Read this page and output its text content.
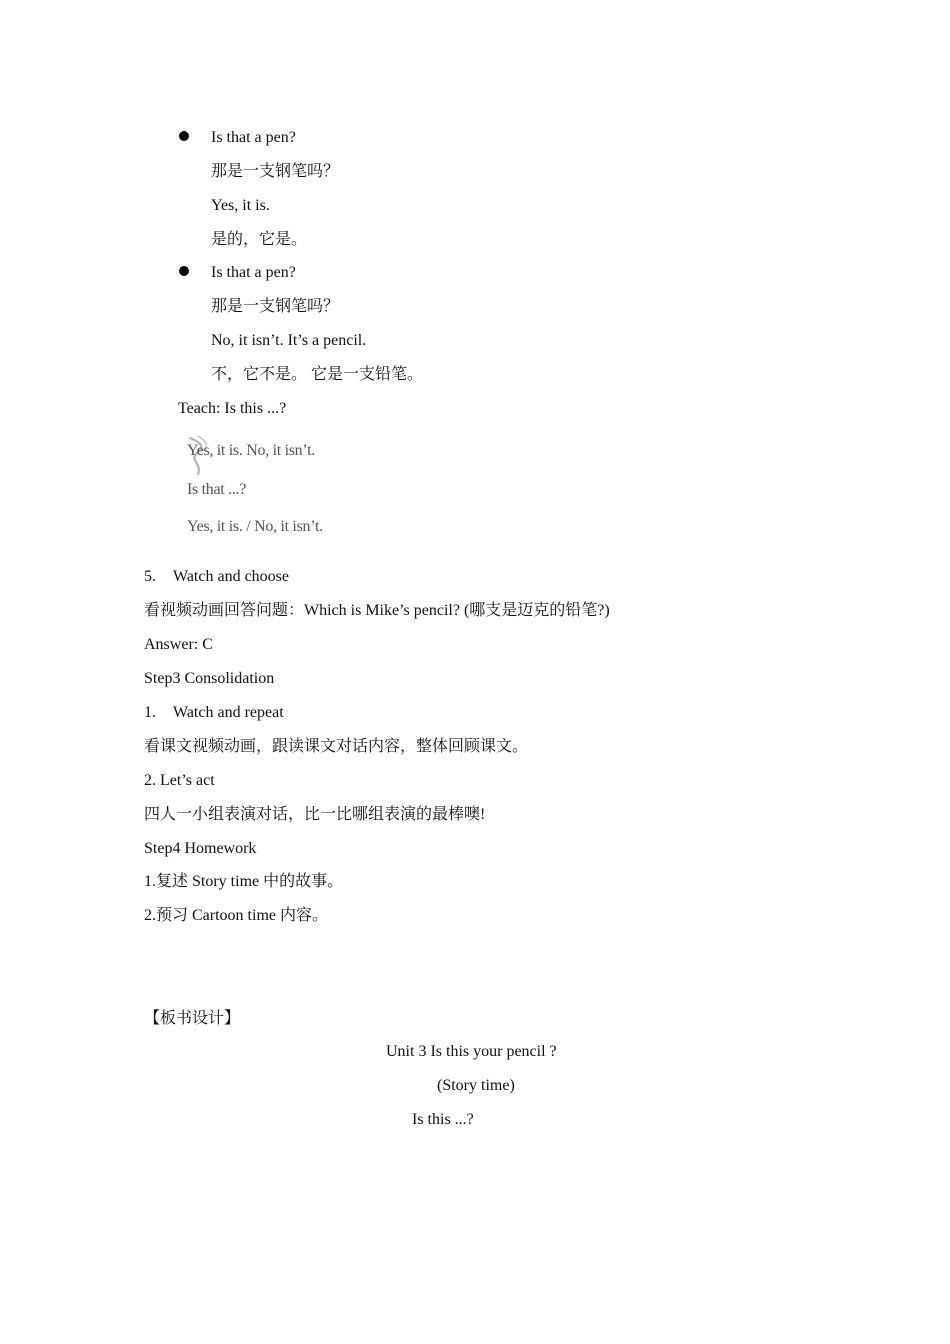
Is that a pen?
那是一支钢笔吗？
Yes, it is.
是的，它是。
Is that a pen?
那是一支钢笔吗？
No, it isn’t. It’s a pencil.
不，它不是。 它是一支铅笔。
Teach: Is this ...?
Yes, it is. No, it isn’t.
Is that ...?
Yes, it is. / No, it isn’t.
5. Watch and choose
看视频动画回答问题：Which is Mike’s pencil? (哪支是迈克的铅笔?)
Answer: C
Step3 Consolidation
1. Watch and repeat
看课文视频动画，跟读课文对话内容，整体回顾课文。
2. Let’s act
四人一小组表演对话，比一比哪组表演的最棒噢!
Step4 Homework
1.复述 Story time 中的故事。
2.预习 Cartoon time 内容。
【板书设计】
Unit 3 Is this your pencil ?
(Story time)
Is this ...?
